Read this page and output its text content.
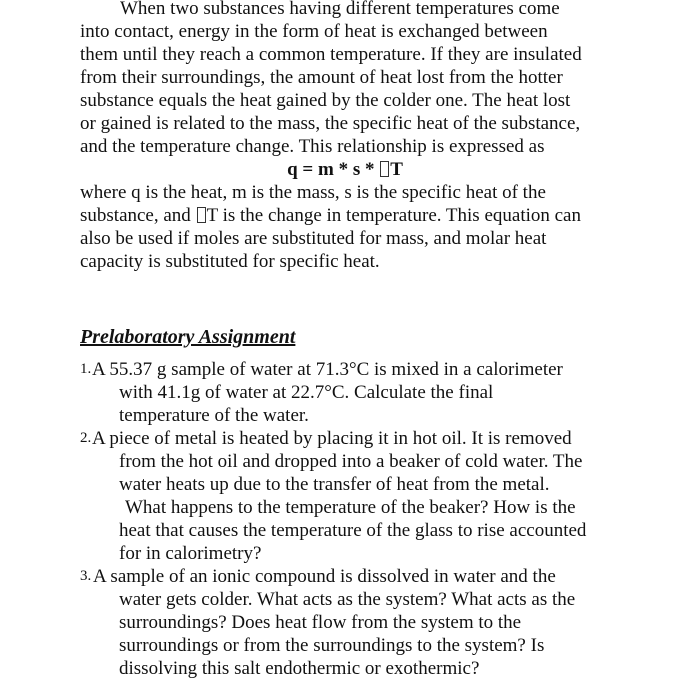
When two substances having different temperatures come
into contact, energy in the form of heat is exchanged between
them until they reach a common temperature. If they are insulated
from their surroundings, the amount of heat lost from the hotter
substance equals the heat gained by the colder one. The heat lost
or gained is related to the mass, the specific heat of the substance,
and the temperature change. This relationship is expressed as

q = m * s * T

where q is the heat, m is the mass, s is the specific heat of the
substance, and T is the change in temperature. This equation can
also be used if moles are substituted for mass, and molar heat
capacity is substituted for specific heat.

Prelaboratory Assignment
1. A 55.37 g sample of water at 71.3°C is mixed in a calorimeter
with 41.1g of water at 22.7°C. Calculate the final
temperature of the water.
2. A piece of metal is heated by placing it in hot oil. It is removed
from the hot oil and dropped into a beaker of cold water. The
water heats up due to the transfer of heat from the metal.
What happens to the temperature of the beaker? How is the
heat that causes the temperature of the glass to rise accounted
for in calorimetry?
3. A sample of an ionic compound is dissolved in water and the
water gets colder. What acts as the system? What acts as the
surroundings? Does heat flow from the system to the
surroundings or from the surroundings to the system? Is
dissolving this salt endothermic or exothermic?
